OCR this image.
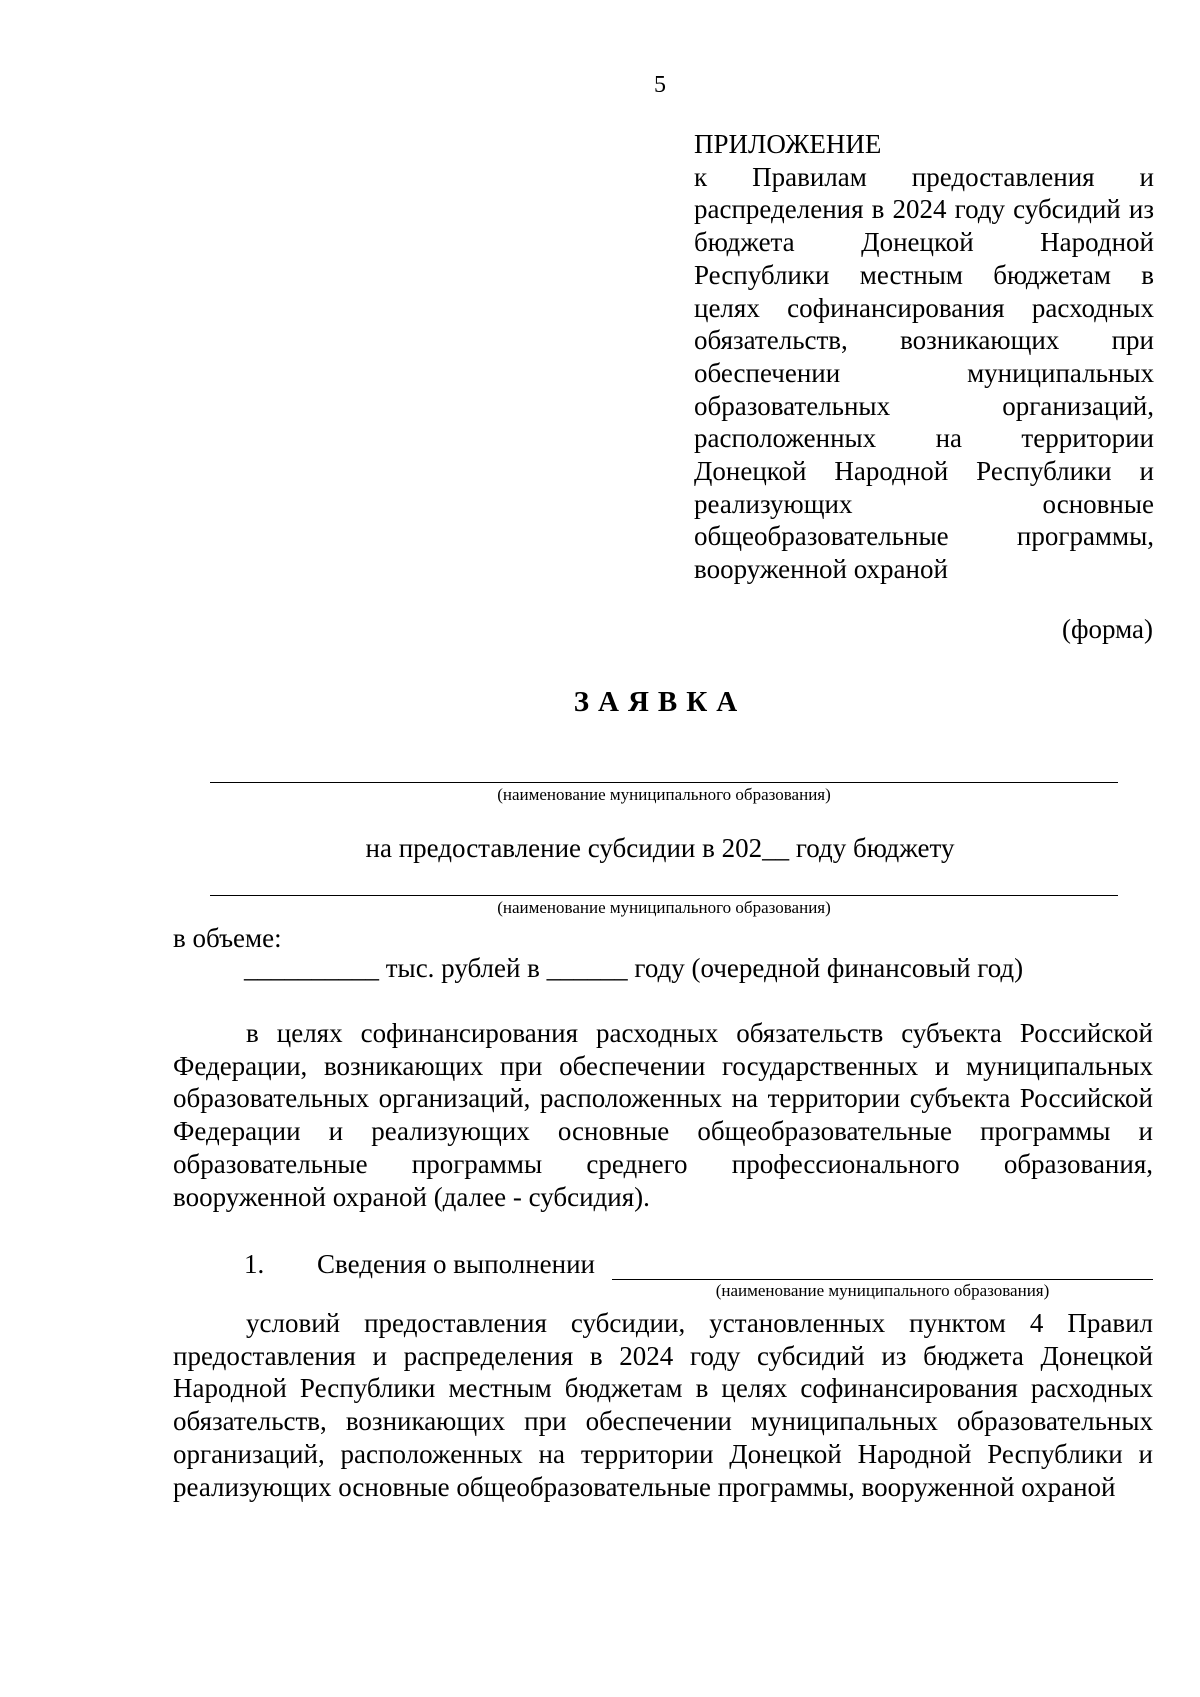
5
ПРИЛОЖЕНИЕ
к Правилам предоставления и распределения в 2024 году субсидий из бюджета Донецкой Народной Республики местным бюджетам в целях софинансирования расходных обязательств, возникающих при обеспечении муниципальных образовательных организаций, расположенных на территории Донецкой Народной Республики и реализующих основные общеобразовательные программы, вооруженной охраной
(форма)
ЗАЯВКА
(наименование муниципального образования)
на предоставление субсидии в 202__ году бюджету
(наименование муниципального образования)
в объеме:
__________ тыс. рублей в ______ году (очередной финансовый год)
в целях софинансирования расходных обязательств субъекта Российской Федерации, возникающих при обеспечении государственных и муниципальных образовательных организаций, расположенных на территории субъекта Российской Федерации и реализующих основные общеобразовательные программы и образовательные программы среднего профессионального образования, вооруженной охраной (далее - субсидия).
1. Сведения о выполнении
(наименование муниципального образования)
условий предоставления субсидии, установленных пунктом 4 Правил предоставления и распределения в 2024 году субсидий из бюджета Донецкой Народной Республики местным бюджетам в целях софинансирования расходных обязательств, возникающих при обеспечении муниципальных образовательных организаций, расположенных на территории Донецкой Народной Республики и реализующих основные общеобразовательные программы, вооруженной охраной
